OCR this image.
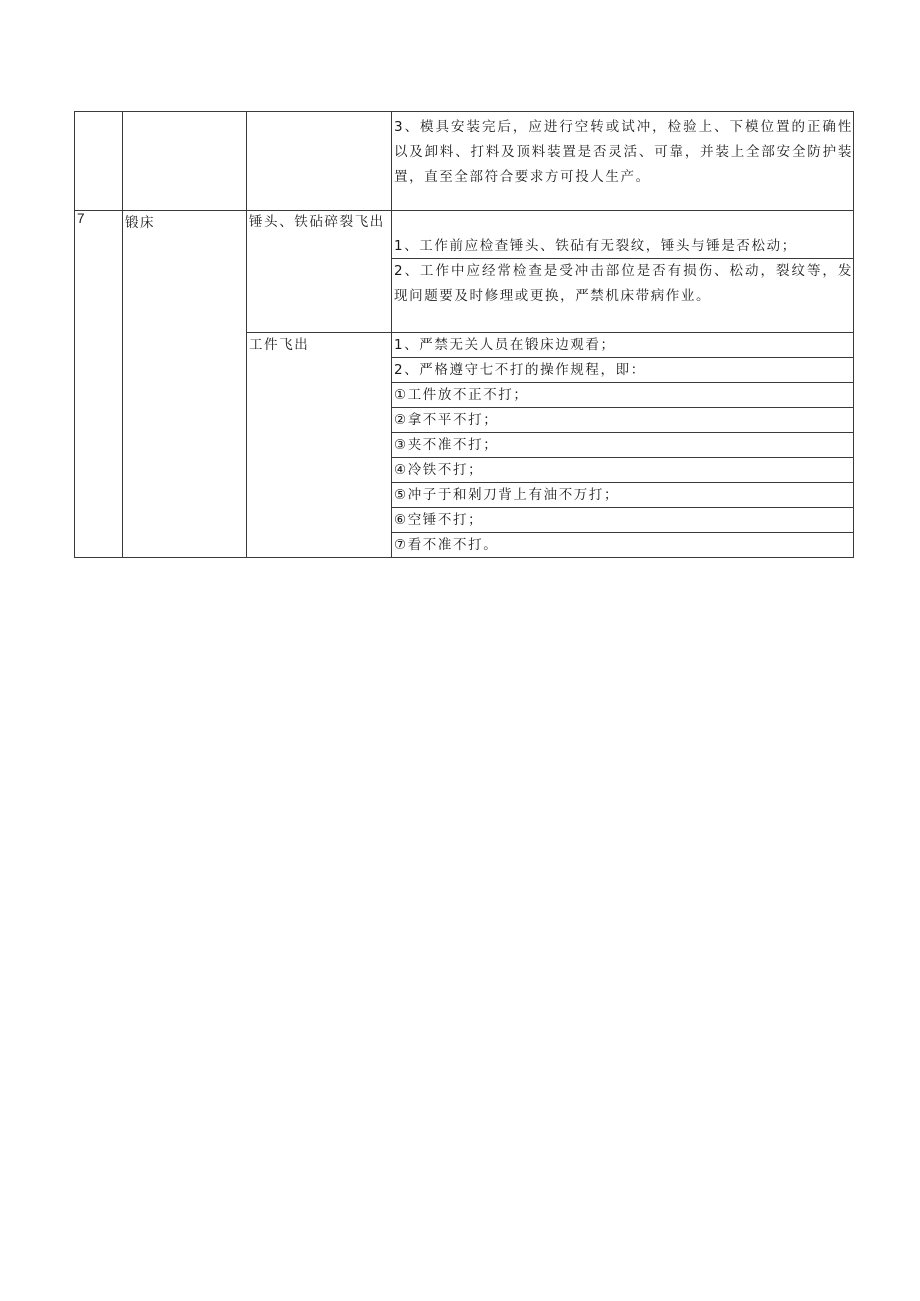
			3、模具安装完后，应进行空转或试冲，检验上、下模位置的正确性以及卸料、打料及顶料装置是否灵活、可靠，并装上全部安全防护装置，直至全部符合要求方可投人生产。

7	锻床	锤头、铁砧碎裂飞出	1、工作前应检查锤头、铁砧有无裂纹，锤头与锤是否松动；

			2、工作中应经常检查是受冲击部位是否有损伤、松动，裂纹等，发现问题要及时修理或更换，严禁机床带病作业。

		工件飞出	1、严禁无关人员在锻床边观看；

			2、严格遵守七不打的操作规程，即：

			①工件放不正不打；

			②拿不平不打；

			③夹不准不打；

			④冷铁不打；

			⑤冲子于和剁刀背上有油不万打；

			⑥空锤不打；

			⑦看不准不打。
